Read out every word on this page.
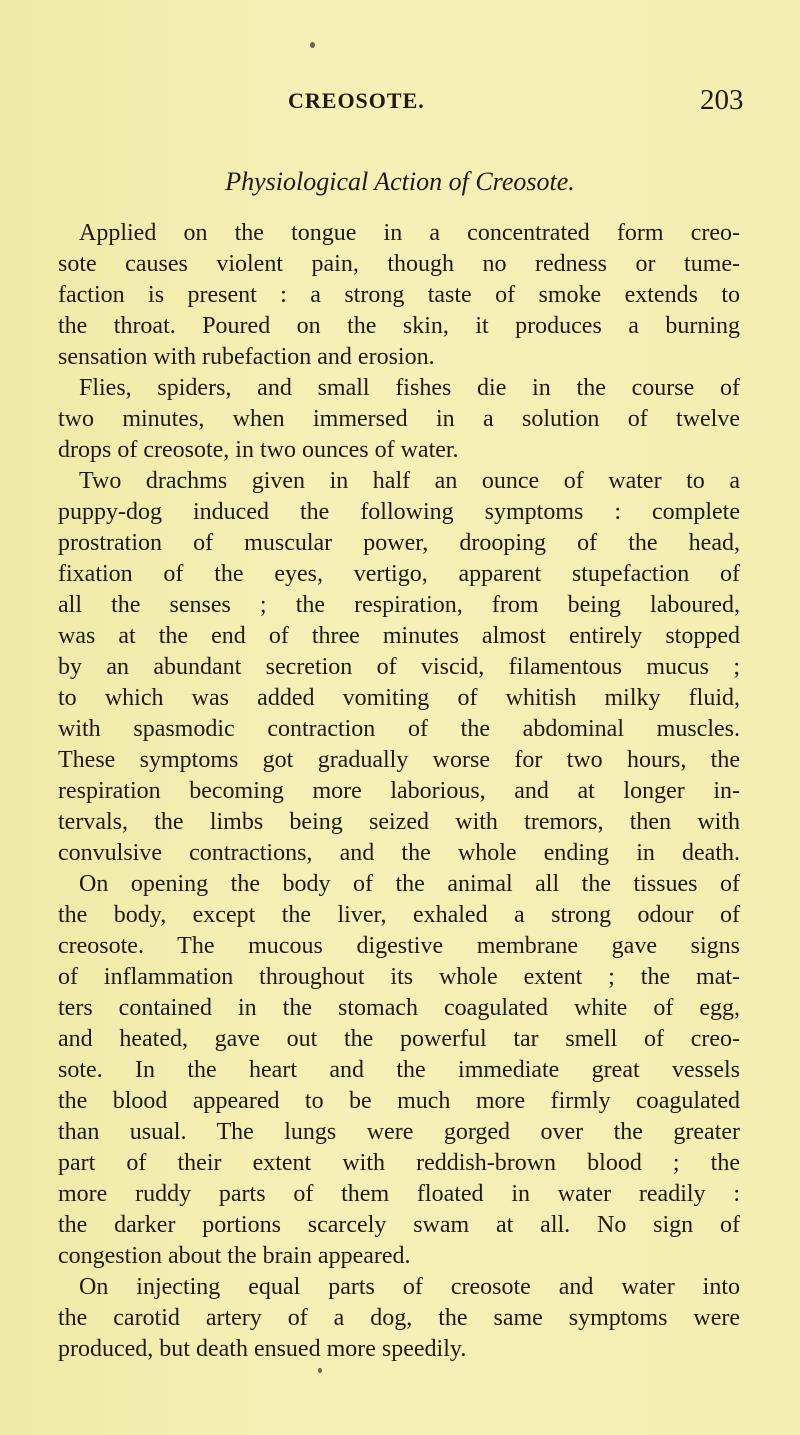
CREOSOTE.	203
Physiological Action of Creosote.
Applied on the tongue in a concentrated form creo-
sote causes violent pain, though no redness or tume-
faction is present : a strong taste of smoke extends to
the throat. Poured on the skin, it produces a burning
sensation with rubefaction and erosion.
Flies, spiders, and small fishes die in the course of
two minutes, when immersed in a solution of twelve
drops of creosote, in two ounces of water.
Two drachms given in half an ounce of water to a
puppy-dog induced the following symptoms : complete
prostration of muscular power, drooping of the head,
fixation of the eyes, vertigo, apparent stupefaction of
all the senses ; the respiration, from being laboured,
was at the end of three minutes almost entirely stopped
by an abundant secretion of viscid, filamentous mucus ;
to which was added vomiting of whitish milky fluid,
with spasmodic contraction of the abdominal muscles.
These symptoms got gradually worse for two hours, the
respiration becoming more laborious, and at longer in-
tervals, the limbs being seized with tremors, then with
convulsive contractions, and the whole ending in death.
On opening the body of the animal all the tissues of
the body, except the liver, exhaled a strong odour of
creosote. The mucous digestive membrane gave signs
of inflammation throughout its whole extent ; the mat-
ters contained in the stomach coagulated white of egg,
and heated, gave out the powerful tar smell of creo-
sote. In the heart and the immediate great vessels
the blood appeared to be much more firmly coagulated
than usual. The lungs were gorged over the greater
part of their extent with reddish-brown blood ; the
more ruddy parts of them floated in water readily :
the darker portions scarcely swam at all. No sign of
congestion about the brain appeared.
On injecting equal parts of creosote and water into
the carotid artery of a dog, the same symptoms were
produced, but death ensued more speedily.
